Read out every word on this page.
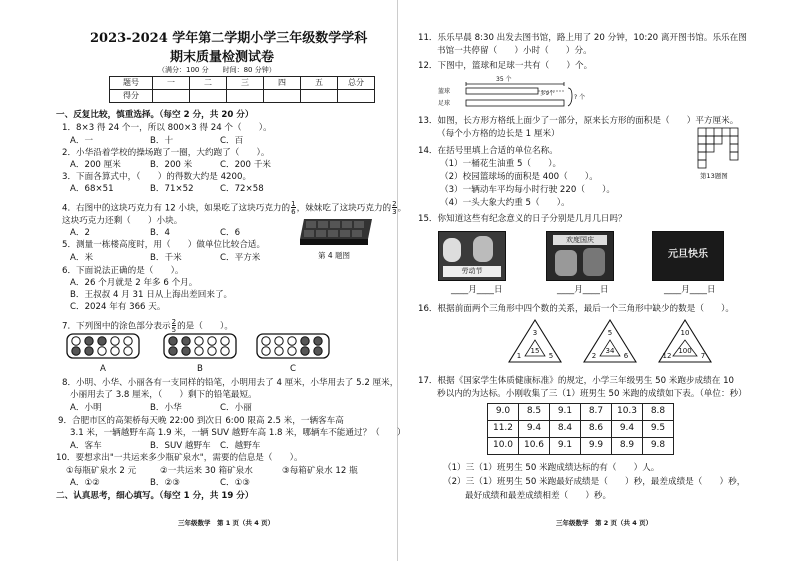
2023-2024 学年第二学期小学三年级数学学科
期末质量检测试卷
（满分：100 分　　时间：80 分钟）
题号	一	二	三	四	五	总分
得分						
一、反复比较，慎重选择。（每空 2 分，共 20 分）
1．8×3 得 24 个一，所以 800×3 得 24 个（　　）。
A．一	B．十	C．百
2．小华沿着学校的操场跑了一圈，大约跑了（　　）。
A．200 厘米	B．200 米	C．200 千米
3．下面各算式中，（　　）的得数大约是 4200。
A．68×51	B．71×52	C．72×58
4．右图中的这块巧克力有 12 小块，如果吃了这块巧克力的$\frac{1}{6}$，妹妹吃了这块巧克力的$\frac{2}{3}$。
这块巧克力还剩（　　）小块。
A．2	B．4	C．6
第 4 题图
5．测量一栋楼高度时，用（　　）做单位比较合适。
A．米	B．千米	C．平方米
6．下面说法正确的是（　　）。
A．26 个月就是 2 年多 6 个月。
B．王叔叔 4 月 31 日从上海出差回来了。
C．2024 年有 366 天。
7．下列图中的涂色部分表示$\frac{2}{5}$的是（　　）。
A	B	C
8．小明、小华、小丽各有一支同样的铅笔，小明用去了 4 厘米，小华用去了 5.2 厘米，
小丽用去了 3.8 厘米，（　　）剩下的铅笔最短。
A．小明	B．小华	C．小丽
9．合肥市区的高架桥每天晚 22:00 到次日 6:00 限高 2.5 米，一辆客车高
3.1 米，一辆越野车高 1.9 米，一辆 SUV 越野车高 1.8 米，哪辆车不能通过？（　　）
A．客车	B．SUV 越野车 C．越野车
10．要想求出"一共运来多少瓶矿泉水"，需要的信息是（　　）。
①每瓶矿泉水 2 元	②一共运来 30 箱矿泉水	③每箱矿泉水 12 瓶
A．①②	B．②③	C．①③
二、认真思考，细心填写。（每空 1 分，共 19 分）
三年级数学　第 1 页（共 4 页）
11．乐乐早晨 8:30 出发去图书馆，路上用了 20 分钟，10:20 离开图书馆。乐乐在图
书馆一共停留（　　）小时（　　）分。
12．下图中，篮球和足球一共有（　　）个。
35 个
篮球	多9个
足球
? 个
13．如图，长方形方格纸上面少了一部分，原来长方形的面积是（　　）平方厘米。
（每个小方格的边长是 1 厘米）
第13题图
14．在括号里填上合适的单位名称。
（1）一桶花生油重 5（　　）。
（2）校园篮球场的面积是 400（　　）。
（3）一辆动车平均每小时行驶 220（　　）。
（4）一头大象大约重 5（　　）。
15．你知道这些有纪念意义的日子分别是几月几日吗？
劳动节
欢度国庆
元旦快乐
____月____日	____月____日	____月____日
16．根据前面两个三角形中四个数的关系，最后一个三角形中缺少的数是（　　）。
3
1	5
15
5
2
34
6
10
12
100
7
17．根据《国家学生体质健康标准》的规定，小学三年级男生 50 米跑步成绩在 10
秒以内的为达标。小刚收集了三（1）班男生 50 米跑的成绩如下表。（单位：秒）
9.0	8.5	9.1	8.7	10.3	8.8
11.2	9.4	8.4	8.6	9.4	9.5
10.0	10.6	9.1	9.9	8.9	9.8
（1）三（1）班男生 50 米跑成绩达标的有（　　）人。
（2）三（1）班男生 50 米跑最好成绩是（　　）秒，最差成绩是（　　）秒，
最好成绩和最差成绩相差（　　）秒。
三年级数学　第 2 页（共 4 页）
